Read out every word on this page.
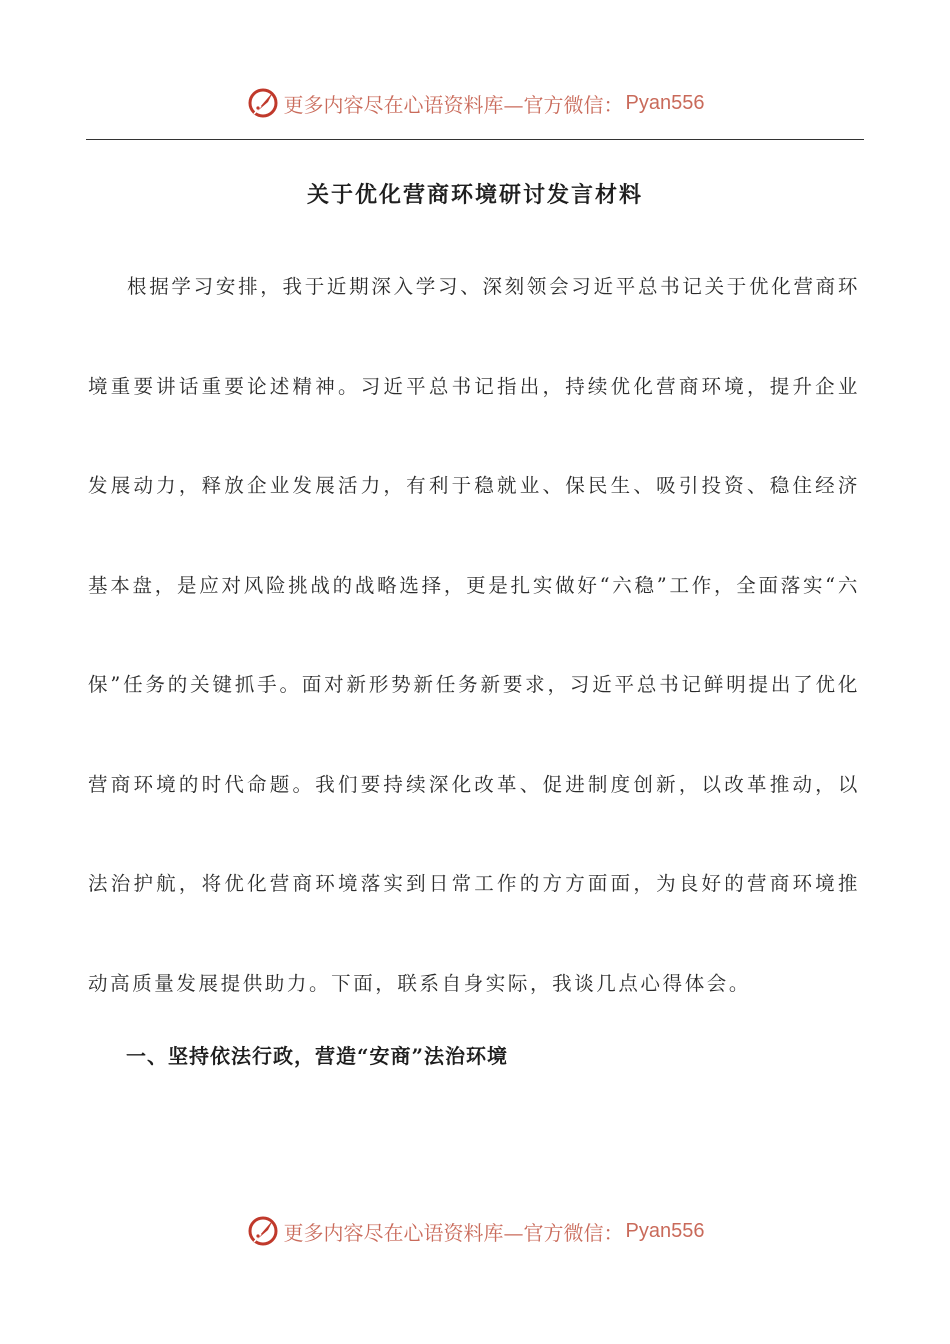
更多内容尽在心语资料库—官方微信： Pyan556
关于优化营商环境研讨发言材料

根据学习安排，我于近期深入学习、深刻领会习近平总书记关于优化营商环境重要讲话重要论述精神。习近平总书记指出，持续优化营商环境，提升企业发展动力，释放企业发展活力，有利于稳就业、保民生、吸引投资、稳住经济基本盘，是应对风险挑战的战略选择，更是扎实做好“六稳”工作，全面落实“六保”任务的关键抓手。面对新形势新任务新要求，习近平总书记鲜明提出了优化营商环境的时代命题。我们要持续深化改革、促进制度创新，以改革推动，以法治护航，将优化营商环境落实到日常工作的方方面面，为良好的营商环境推动高质量发展提供助力。下面，联系自身实际，我谈几点心得体会。

一、坚持依法行政，营造“安商”法治环境
更多内容尽在心语资料库—官方微信： Pyan556
